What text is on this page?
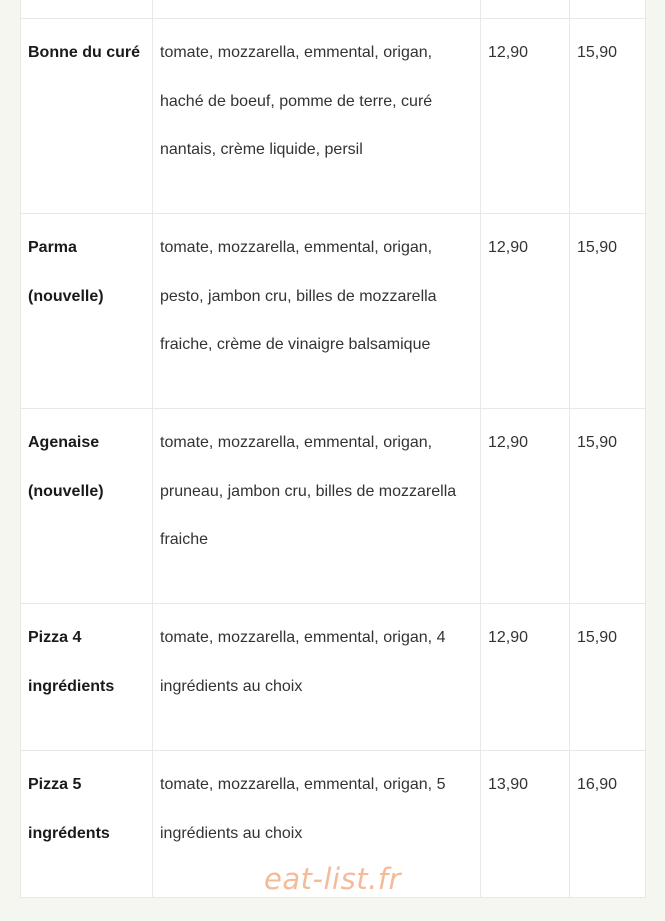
Bonne du curé	tomate, mozzarella, emmental, origan, haché de boeuf, pomme de terre, curé nantais, crème liquide, persil	12,90	15,90
Parma (nouvelle)	tomate, mozzarella, emmental, origan, pesto, jambon cru, billes de mozzarella fraiche, crème de vinaigre balsamique	12,90	15,90
Agenaise (nouvelle)	tomate, mozzarella, emmental, origan, pruneau, jambon cru, billes de mozzarella fraiche	12,90	15,90
Pizza 4 ingrédients	tomate, mozzarella, emmental, origan, 4 ingrédients au choix	12,90	15,90
Pizza 5 ingrédents	tomate, mozzarella, emmental, origan, 5 ingrédients au choix	13,90	16,90
eat-list.fr
